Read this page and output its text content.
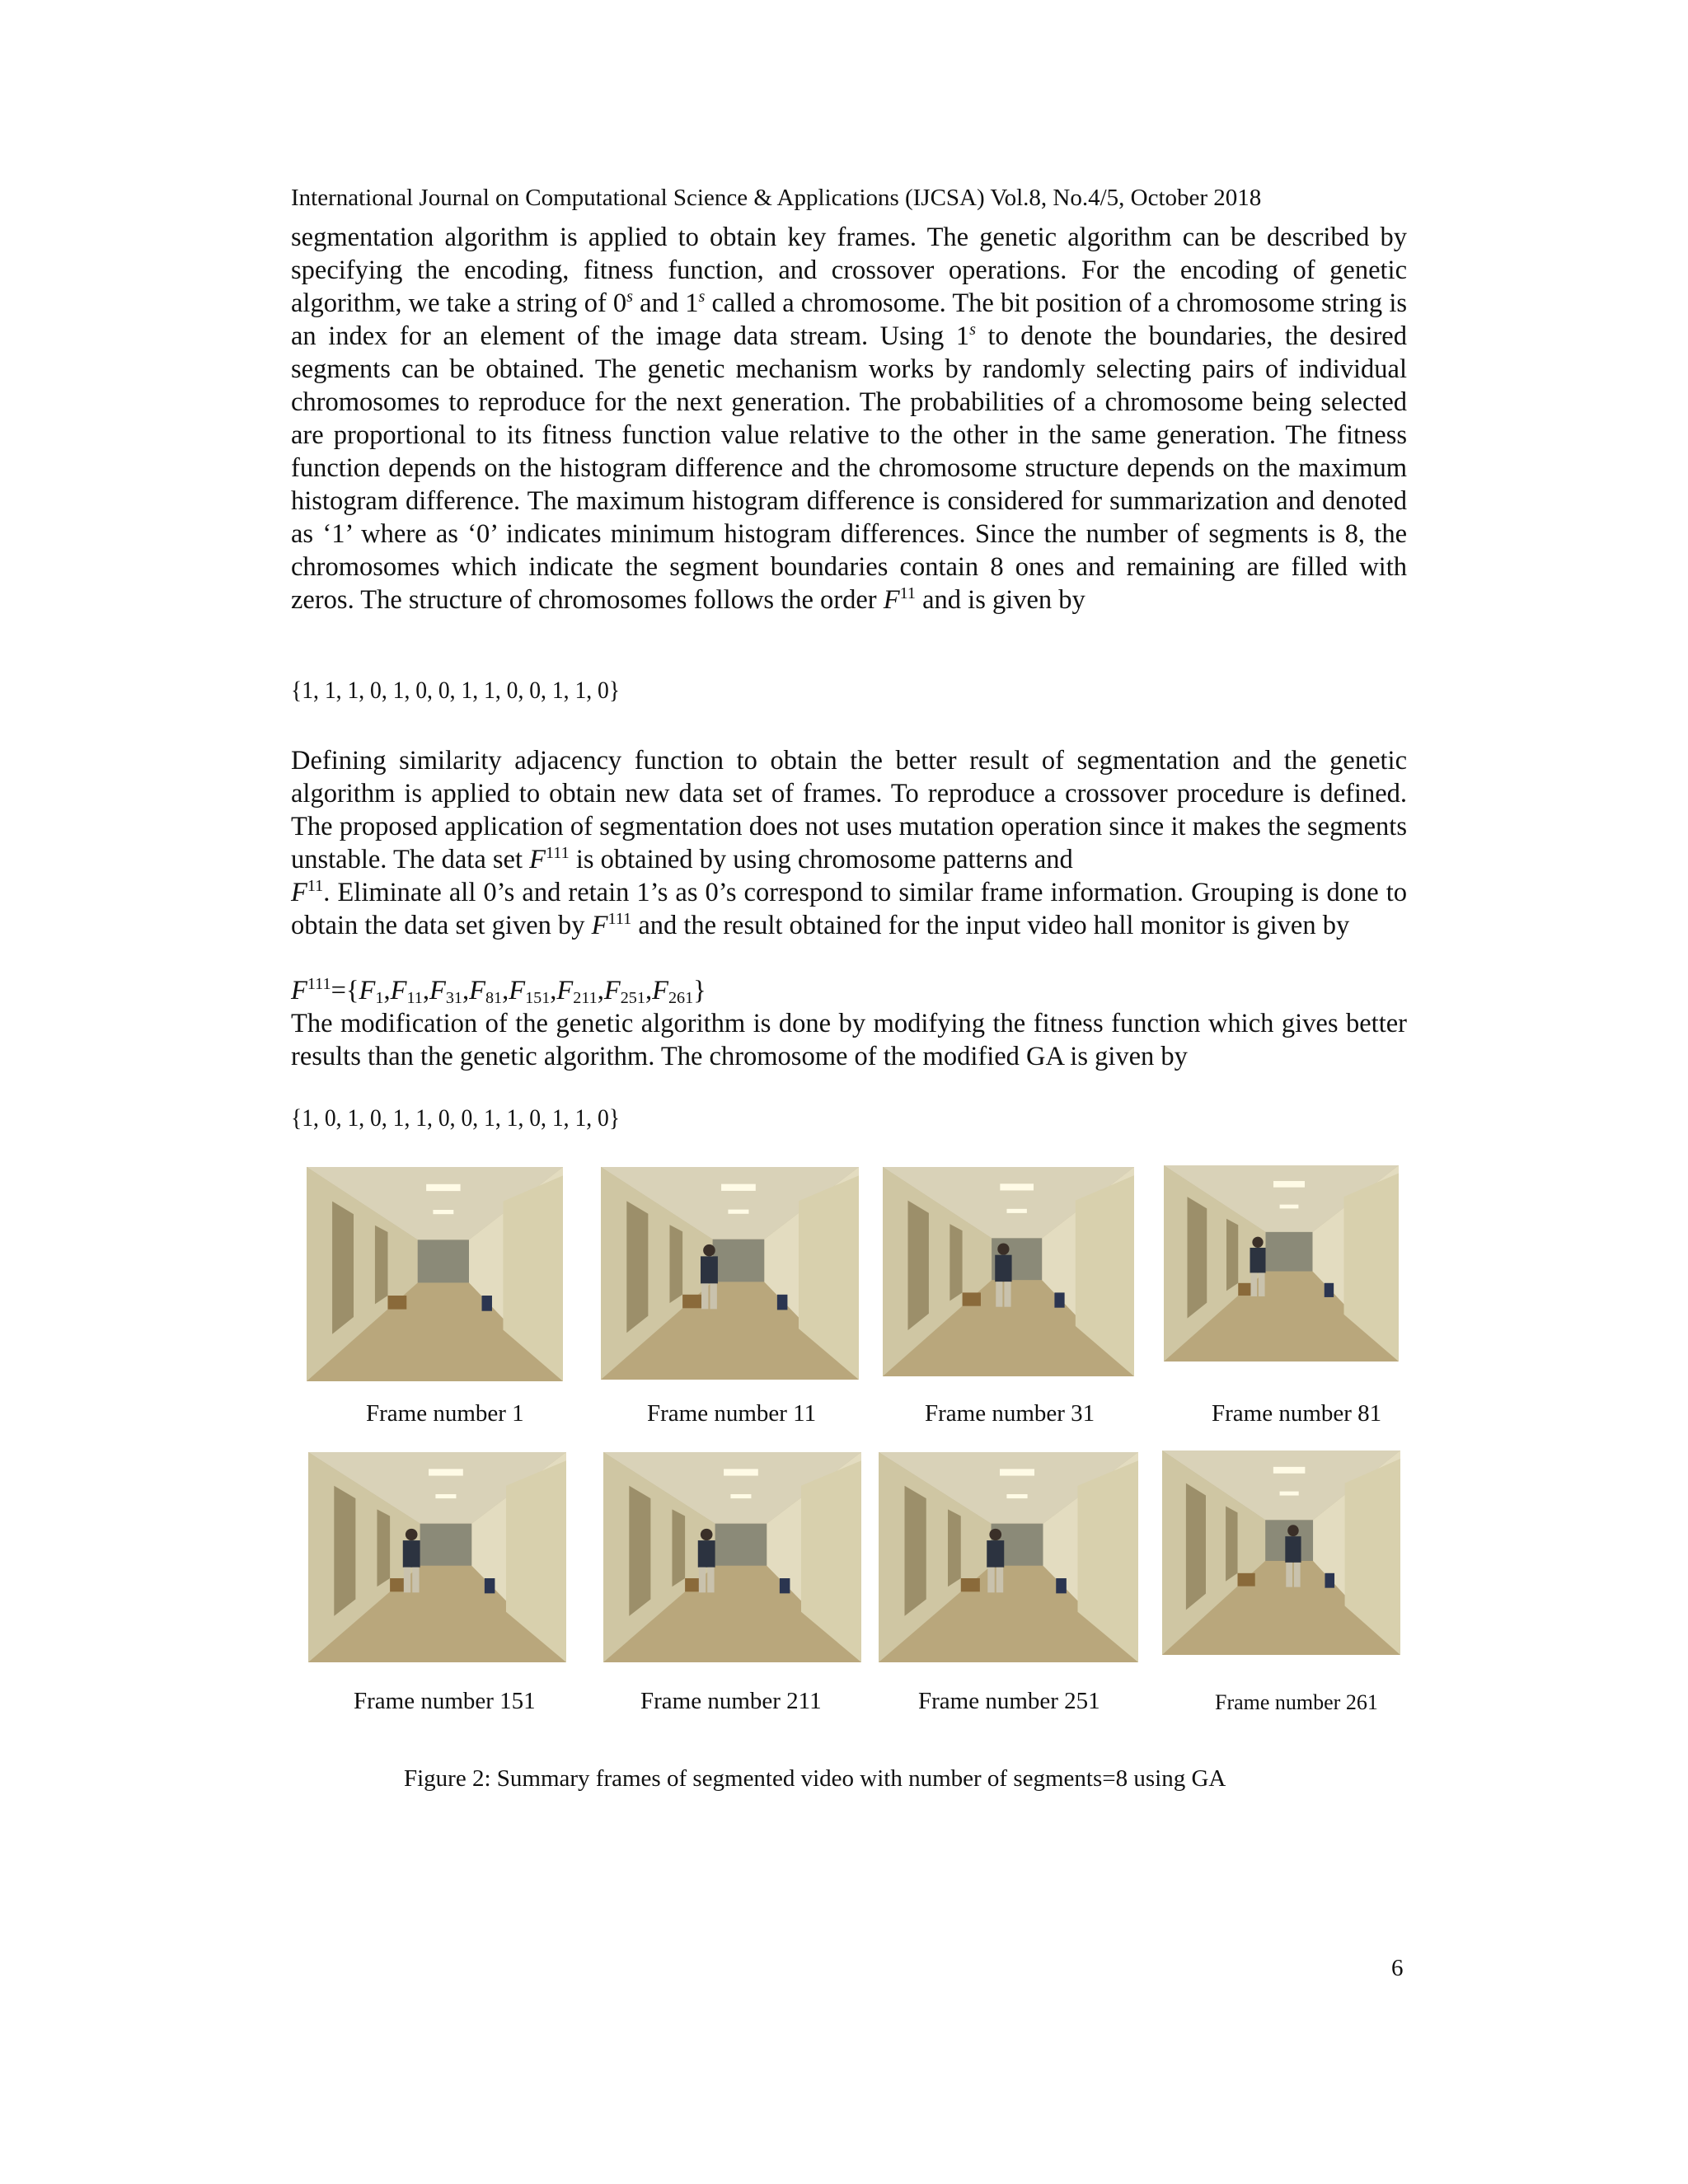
International Journal on Computational Science & Applications (IJCSA) Vol.8, No.4/5, October 2018

segmentation algorithm is applied to obtain key frames. The genetic algorithm can be described by specifying the encoding, fitness function, and crossover operations. For the encoding of genetic algorithm, we take a string of 0$^s$ and 1$^s$ called a chromosome. The bit position of a chromosome string is an index for an element of the image data stream. Using 1$^s$ to denote the boundaries, the desired segments can be obtained. The genetic mechanism works by randomly selecting pairs of individual chromosomes to reproduce for the next generation. The probabilities of a chromosome being selected are proportional to its fitness function value relative to the other in the same generation. The fitness function depends on the histogram difference and the chromosome structure depends on the maximum histogram difference. The maximum histogram difference is considered for summarization and denoted as ‘1’ where as ‘0’ indicates minimum histogram differences. Since the number of segments is 8, the chromosomes which indicate the segment boundaries contain 8 ones and remaining are filled with zeros. The structure of chromosomes follows the order $F^{11}$ and is given by

{1, 1, 1, 0, 1, 0, 0, 1, 1, 0, 0, 1, 1, 0}

Defining similarity adjacency function to obtain the better result of segmentation and the genetic algorithm is applied to obtain new data set of frames. To reproduce a crossover procedure is defined. The proposed application of segmentation does not uses mutation operation since it makes the segments unstable. The data set $F^{111}$ is obtained by using chromosome patterns and
$F^{11}$. Eliminate all 0’s and retain 1’s as 0’s correspond to similar frame information. Grouping is done to obtain the data set given by $F^{111}$ and the result obtained for the input video hall monitor is given by

$F^{111}=\{F_1,F_{11},F_{31},F_{81},F_{151},F_{211},F_{251},F_{261}\}$

The modification of the genetic algorithm is done by modifying the fitness function which gives better results than the genetic algorithm. The chromosome of the modified GA is given by

{1, 0, 1, 0, 1, 1, 0, 0, 1, 1, 0, 1, 1, 0}
Frame number 1	Frame number 11	Frame number 31	Frame number 81
Frame number 151	Frame number 211	Frame number 251	Frame number 261
Figure 2: Summary frames of segmented video with number of segments=8 using GA
6
